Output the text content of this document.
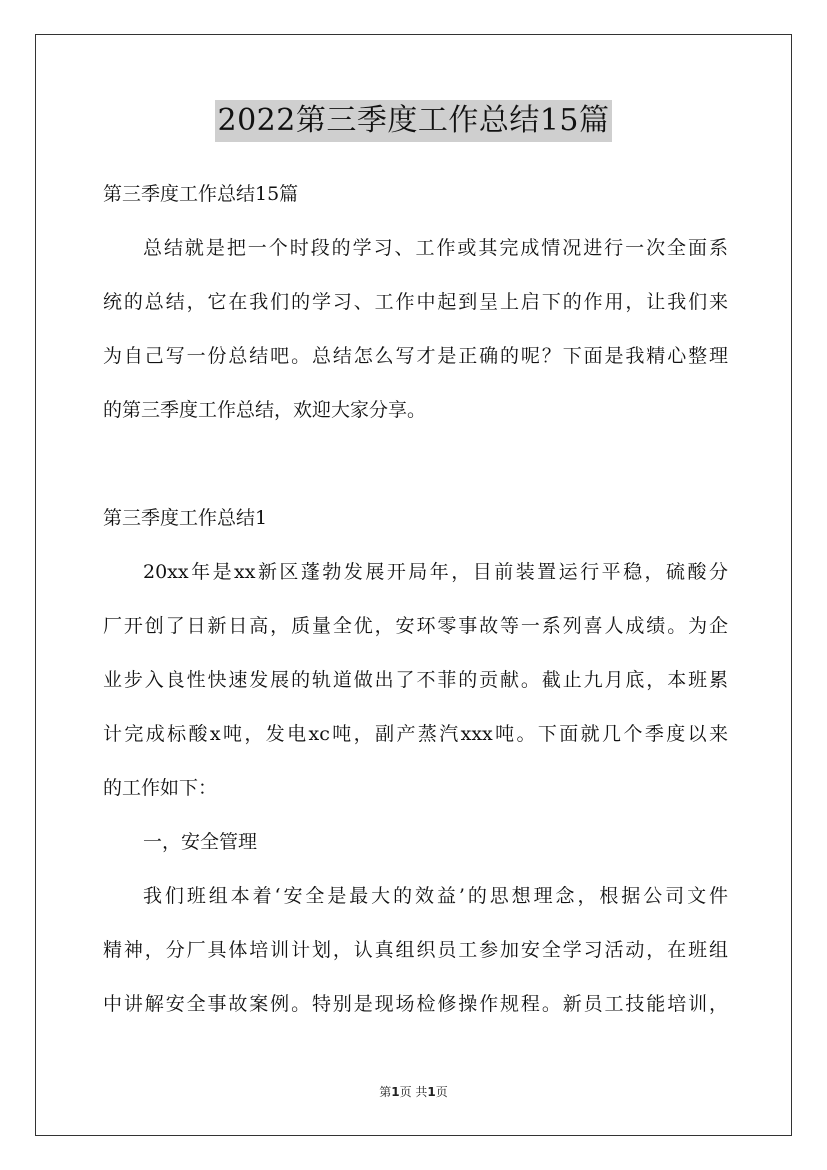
2022第三季度工作总结15篇
第三季度工作总结15篇
总结就是把一个时段的学习、工作或其完成情况进行一次全面系
统的总结，它在我们的学习、工作中起到呈上启下的作用，让我们来
为自己写一份总结吧。总结怎么写才是正确的呢？下面是我精心整理
的第三季度工作总结，欢迎大家分享。
第三季度工作总结1
20xx年是xx新区蓬勃发展开局年，目前装置运行平稳，硫酸分
厂开创了日新日高，质量全优，安环零事故等一系列喜人成绩。为企
业步入良性快速发展的轨道做出了不菲的贡献。截止九月底，本班累
计完成标酸x吨，发电xc吨，副产蒸汽xxx吨。下面就几个季度以来
的工作如下：
一，安全管理
我们班组本着‘安全是最大的效益’的思想理念，根据公司文件
精神，分厂具体培训计划，认真组织员工参加安全学习活动，在班组
中讲解安全事故案例。特别是现场检修操作规程。新员工技能培训，
第1页 共1页
